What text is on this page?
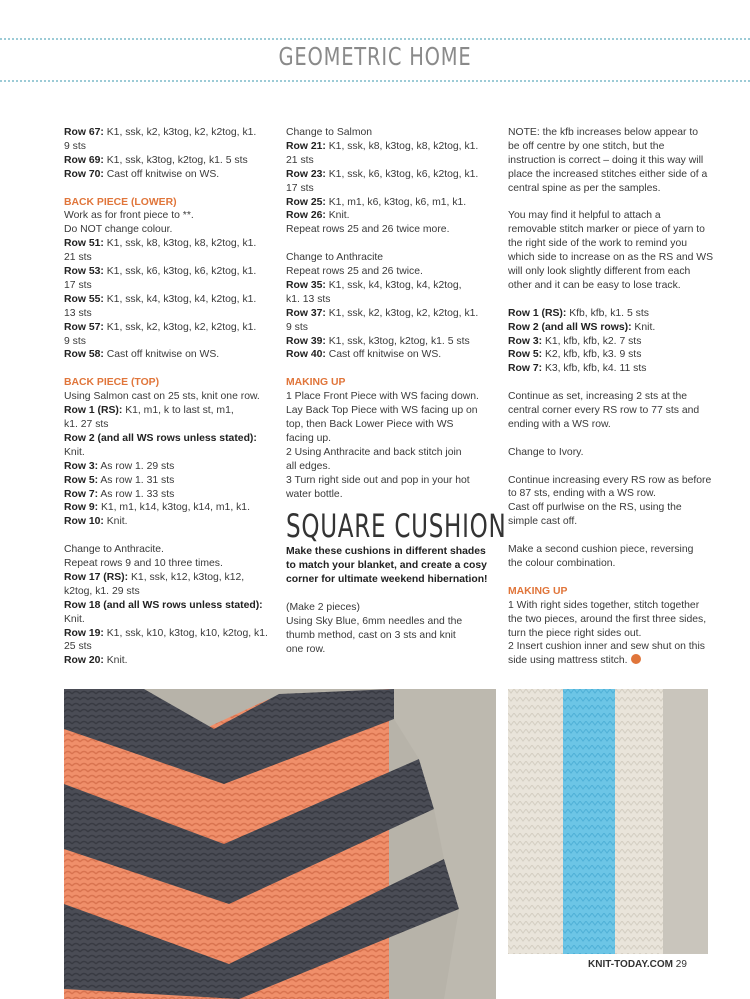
GEOMETRIC HOME
Row 67: K1, ssk, k2, k3tog, k2, k2tog, k1.
9 sts
Row 69: K1, ssk, k3tog, k2tog, k1. 5 sts
Row 70: Cast off knitwise on WS.
BACK PIECE (LOWER)
Work as for front piece to **.
Do NOT change colour.
Row 51: K1, ssk, k8, k3tog, k8, k2tog, k1.
21 sts
Row 53: K1, ssk, k6, k3tog, k6, k2tog, k1.
17 sts
Row 55: K1, ssk, k4, k3tog, k4, k2tog, k1.
13 sts
Row 57: K1, ssk, k2, k3tog, k2, k2tog, k1.
9 sts
Row 58: Cast off knitwise on WS.
BACK PIECE (TOP)
Using Salmon cast on 25 sts, knit one row.
Row 1 (RS): K1, m1, k to last st, m1,
k1. 27 sts
Row 2 (and all WS rows unless stated):
Knit.
Row 3: As row 1. 29 sts
Row 5: As row 1. 31 sts
Row 7: As row 1. 33 sts
Row 9: K1, m1, k14, k3tog, k14, m1, k1.
Row 10: Knit.
Change to Anthracite.
Repeat rows 9 and 10 three times.
Row 17 (RS): K1, ssk, k12, k3tog, k12,
k2tog, k1. 29 sts
Row 18 (and all WS rows unless stated):
Knit.
Row 19: K1, ssk, k10, k3tog, k10, k2tog, k1.
25 sts
Row 20: Knit.
Change to Salmon
Row 21: K1, ssk, k8, k3tog, k8, k2tog, k1.
21 sts
Row 23: K1, ssk, k6, k3tog, k6, k2tog, k1.
17 sts
Row 25: K1, m1, k6, k3tog, k6, m1, k1.
Row 26: Knit.
Repeat rows 25 and 26 twice more.
Change to Anthracite
Repeat rows 25 and 26 twice.
Row 35: K1, ssk, k4, k3tog, k4, k2tog,
k1. 13 sts
Row 37: K1, ssk, k2, k3tog, k2, k2tog, k1.
9 sts
Row 39: K1, ssk, k3tog, k2tog, k1. 5 sts
Row 40: Cast off knitwise on WS.
MAKING UP
1 Place Front Piece with WS facing down.
Lay Back Top Piece with WS facing up on
top, then Back Lower Piece with WS
facing up.
2 Using Anthracite and back stitch join
all edges.
3 Turn right side out and pop in your hot
water bottle.
SQUARE CUSHION
Make these cushions in different shades
to match your blanket, and create a cosy
corner for ultimate weekend hibernation!
(Make 2 pieces)
Using Sky Blue, 6mm needles and the
thumb method, cast on 3 sts and knit
one row.
NOTE: the kfb increases below appear to
be off centre by one stitch, but the
instruction is correct – doing it this way will
place the increased stitches either side of a
central spine as per the samples.
You may find it helpful to attach a
removable stitch marker or piece of yarn to
the right side of the work to remind you
which side to increase on as the RS and WS
will only look slightly different from each
other and it can be easy to lose track.
Row 1 (RS): Kfb, kfb, k1. 5 sts
Row 2 (and all WS rows): Knit.
Row 3: K1, kfb, kfb, k2. 7 sts
Row 5: K2, kfb, kfb, k3. 9 sts
Row 7: K3, kfb, kfb, k4. 11 sts
Continue as set, increasing 2 sts at the
central corner every RS row to 77 sts and
ending with a WS row.
Change to Ivory.
Continue increasing every RS row as before
to 87 sts, ending with a WS row.
Cast off purlwise on the RS, using the
simple cast off.
Make a second cushion piece, reversing
the colour combination.
MAKING UP
1 With right sides together, stitch together
the two pieces, around the first three sides,
turn the piece right sides out.
2 Insert cushion inner and sew shut on this
side using mattress stitch.
KNIT-TODAY.COM 29
